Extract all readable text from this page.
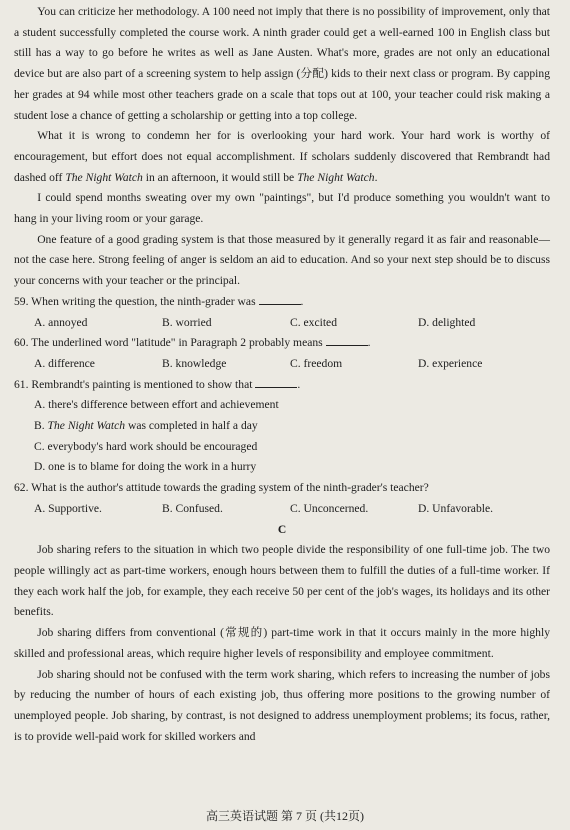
You can criticize her methodology. A 100 need not imply that there is no possibility of improvement, only that a student successfully completed the course work. A ninth grader could get a well-earned 100 in English class but still has a way to go before he writes as well as Jane Austen. What's more, grades are not only an educational device but are also part of a screening system to help assign (分配) kids to their next class or program. By capping her grades at 94 while most other teachers grade on a scale that tops out at 100, your teacher could risk making a student lose a chance of getting a scholarship or getting into a top college.

What it is wrong to condemn her for is overlooking your hard work. Your hard work is worthy of encouragement, but effort does not equal accomplishment. If scholars suddenly discovered that Rembrandt had dashed off The Night Watch in an afternoon, it would still be The Night Watch.

I could spend months sweating over my own "paintings", but I'd produce something you wouldn't want to hang in your living room or your garage.

One feature of a good grading system is that those measured by it generally regard it as fair and reasonable—not the case here. Strong feeling of anger is seldom an aid to education. And so your next step should be to discuss your concerns with your teacher or the principal.

59. When writing the question, the ninth-grader was	.

A. annoyed	B. worried	C. excited	D. delighted

60. The underlined word "latitude" in Paragraph 2 probably means	.

A. difference	B. knowledge	C. freedom	D. experience

61. Rembrandt's painting is mentioned to show that	.

A. there's difference between effort and achievement

B. The Night Watch was completed in half a day

C. everybody's hard work should be encouraged

D. one is to blame for doing the work in a hurry

62. What is the author's attitude towards the grading system of the ninth-grader's teacher?

A. Supportive.	B. Confused.	C. Unconcerned.	D. Unfavorable.

C

Job sharing refers to the situation in which two people divide the responsibility of one full-time job. The two people willingly act as part-time workers, enough hours between them to fulfill the duties of a full-time worker. If they each work half the job, for example, they each receive 50 per cent of the job's wages, its holidays and its other benefits.

Job sharing differs from conventional (常规的) part-time work in that it occurs mainly in the more highly skilled and professional areas, which require higher levels of responsibility and employee commitment.

Job sharing should not be confused with the term work sharing, which refers to increasing the number of jobs by reducing the number of hours of each existing job, thus offering more positions to the growing number of unemployed people. Job sharing, by contrast, is not designed to address unemployment problems; its focus, rather, is to provide well-paid work for skilled workers and

高三英语试题 第 7 页 (共12页)
